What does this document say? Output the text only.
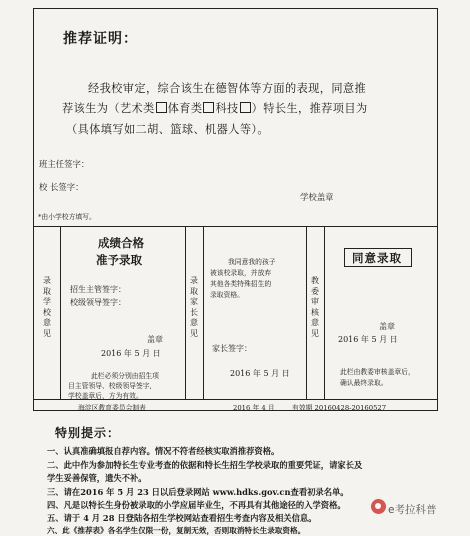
推荐证明：
经我校审定，综合该生在德智体等方面的表现，同意推
荐该生为（艺术类 体育类 科技 ）特长生，推荐项目为
（具体填写如二胡、篮球、机器人等）。
班主任签字：
校 长签字：
学校盖章
*由小学校方填写。
录取学校意见
成绩合格
准予录取
招生主管签字：
校级领导签字：
盖章
2016 年 5 月 日
此栏必须分别由招生项
目主管领导、校级领导签字,
学校盖章后，方为有效。
录取家长意见
我同意我的孩子
被该校录取，并放弃
其他各类特殊招生的
录取资格。
家长签字：
2016 年 5 月 日
教委审核意见
同意录取
盖章
2016 年 5 月 日
此栏由教委审核盖章后，
确认最终录取。
海淀区教育委员会制表	2016 年 4 月	有效期 20160428-20160527
特别提示：
一、认真准确填报自荐内容。情况不符者经核实取消推荐资格。
二、此中作为参加特长生专业考查的依据和特长生招生学校录取的重要凭证，请家长及
学生妥善保管，遗失不补。
三、请在2016 年 5 月 23 日以后登录网站 www.hdks.gov.cn查看初录名单。
四、凡是以特长生身份被录取的小学应届毕业生，不再具有其他途径的入学资格。
五、请于 4 月 28 日登陆各招生学校网站查看招生考查内容及相关信息。
六、此《推荐表》各名学生仅限一份，复制无效，否则取消特长生录取资格。
e考拉科普
